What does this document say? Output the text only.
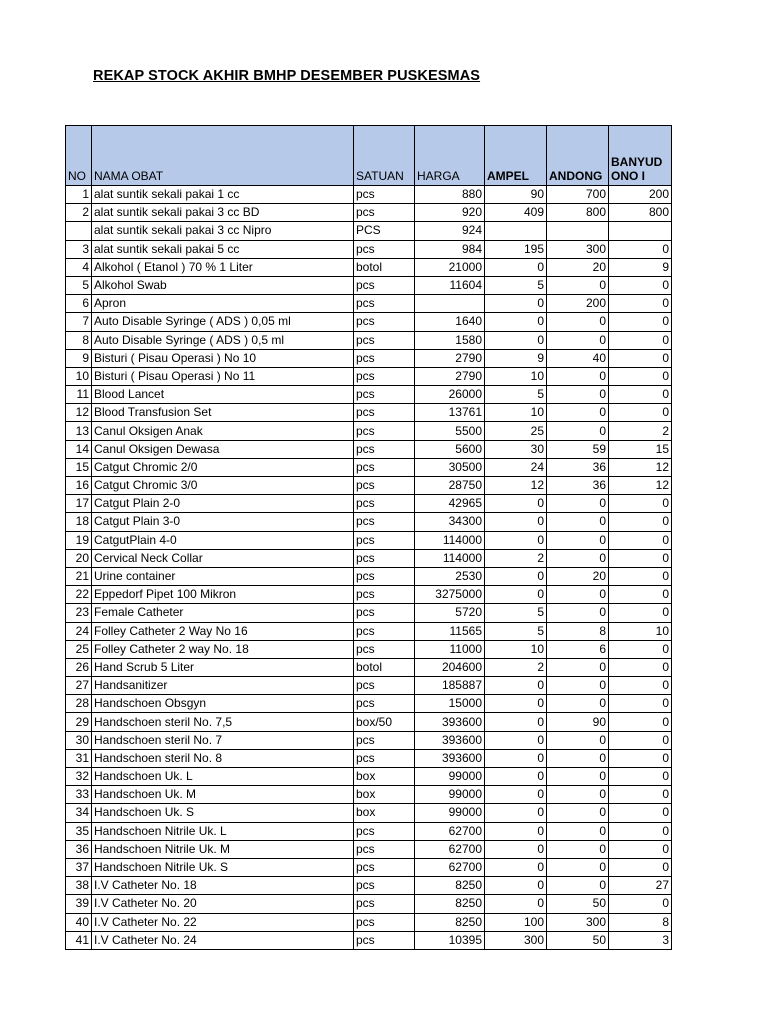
REKAP STOCK AKHIR BMHP DESEMBER PUSKESMAS
NO	NAMA OBAT	SATUAN	HARGA	AMPEL	ANDONG	BANYUD ONO I
1	alat suntik sekali pakai 1 cc	pcs	880	90	700	200
2	alat suntik sekali pakai 3 cc BD	pcs	920	409	800	800
	alat suntik sekali pakai 3 cc Nipro	PCS	924			
3	alat suntik sekali pakai 5 cc	pcs	984	195	300	0
4	Alkohol ( Etanol ) 70 % 1 Liter	botol	21000	0	20	9
5	Alkohol Swab	pcs	11604	5	0	0
6	Apron	pcs		0	200	0
7	Auto Disable Syringe ( ADS ) 0,05 ml	pcs	1640	0	0	0
8	Auto Disable Syringe ( ADS ) 0,5 ml	pcs	1580	0	0	0
9	Bisturi ( Pisau Operasi ) No 10	pcs	2790	9	40	0
10	Bisturi ( Pisau Operasi ) No 11	pcs	2790	10	0	0
11	Blood Lancet	pcs	26000	5	0	0
12	Blood Transfusion Set	pcs	13761	10	0	0
13	Canul Oksigen Anak	pcs	5500	25	0	2
14	Canul Oksigen Dewasa	pcs	5600	30	59	15
15	Catgut Chromic 2/0	pcs	30500	24	36	12
16	Catgut Chromic 3/0	pcs	28750	12	36	12
17	Catgut Plain 2-0	pcs	42965	0	0	0
18	Catgut Plain 3-0	pcs	34300	0	0	0
19	CatgutPlain 4-0	pcs	114000	0	0	0
20	Cervical Neck Collar	pcs	114000	2	0	0
21	Urine container	pcs	2530	0	20	0
22	Eppedorf Pipet 100 Mikron	pcs	3275000	0	0	0
23	Female Catheter	pcs	5720	5	0	0
24	Folley Catheter 2 Way No 16	pcs	11565	5	8	10
25	Folley Catheter 2 way No. 18	pcs	11000	10	6	0
26	Hand Scrub 5 Liter	botol	204600	2	0	0
27	Handsanitizer	pcs	185887	0	0	0
28	Handschoen Obsgyn	pcs	15000	0	0	0
29	Handschoen steril No. 7,5	box/50	393600	0	90	0
30	Handschoen steril No. 7	pcs	393600	0	0	0
31	Handschoen steril No. 8	pcs	393600	0	0	0
32	Handschoen Uk. L	box	99000	0	0	0
33	Handschoen Uk. M	box	99000	0	0	0
34	Handschoen Uk. S	box	99000	0	0	0
35	Handschoen Nitrile Uk. L	pcs	62700	0	0	0
36	Handschoen Nitrile Uk. M	pcs	62700	0	0	0
37	Handschoen Nitrile Uk. S	pcs	62700	0	0	0
38	I.V Catheter No. 18	pcs	8250	0	0	27
39	I.V Catheter No. 20	pcs	8250	0	50	0
40	I.V Catheter No. 22	pcs	8250	100	300	8
41	I.V Catheter No. 24	pcs	10395	300	50	3
